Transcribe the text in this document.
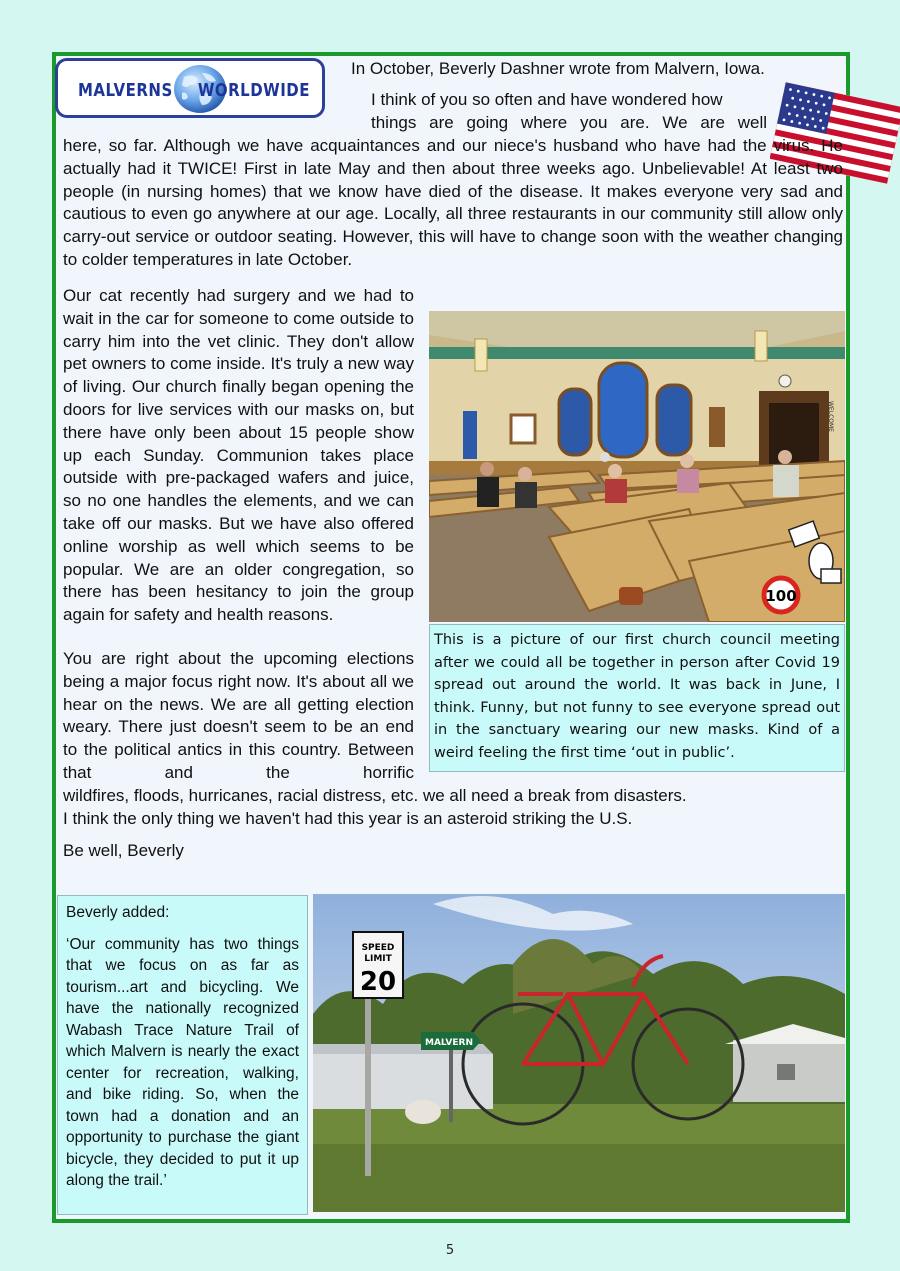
MALVERNS WORLDWIDE

In October, Beverly Dashner wrote from Malvern, Iowa.

I think of you so often and have wondered how

things are going where you are. We are well

here, so far. Although we have acquaintances and our niece's husband who have had the virus. He actually had it TWICE! First in late May and then about three weeks ago. Unbelievable! At least two people (in nursing homes) that we know have died of the disease. It makes everyone very sad and cautious to even go anywhere at our age. Locally, all three restaurants in our community still allow only carry-out service or outdoor seating. However, this will have to change soon with the weather changing to colder temperatures in late October.

Our cat recently had surgery and we had to wait in the car for someone to come outside to carry him into the vet clinic. They don't allow pet owners to come inside. It's truly a new way of living. Our church finally began opening the doors for live services with our masks on, but there have only been about 15 people show up each Sunday. Communion takes place outside with pre-packaged wafers and juice, so no one handles the elements, and we can take off our masks. But we have also offered online worship as well which seems to be popular. We are an older congregation, so there has been hesitancy to join the group again for safety and health reasons.

You are right about the upcoming elections being a major focus right now. It's about all we hear on the news. We are all getting election weary. There just doesn't seem to be an end to the political antics in this country. Between that and the horrific

wildfires, floods, hurricanes, racial distress, etc. we all need a break from disasters.

I think the only thing we haven't had this year is an asteroid striking the U.S.

Be well, Beverly

WELCOME
100
This is a picture of our first church council meeting after we could all be together in person after Covid 19 spread out around the world. It was back in June, I think. Funny, but not funny to see everyone spread out in the sanctuary wearing our new masks. Kind of a weird feeling the first time ‘out in public’.

Beverly added:

‘Our community has two things that we focus on as far as tourism...art and bicycling. We have the nationally recognized Wabash Trace Nature Trail of which Malvern is nearly the exact center for recreation, walking, and bike riding. So, when the town had a donation and an opportunity to purchase the giant bicycle, they decided to put it up along the trail.’

SPEED
LIMIT
20
MALVERN
5
